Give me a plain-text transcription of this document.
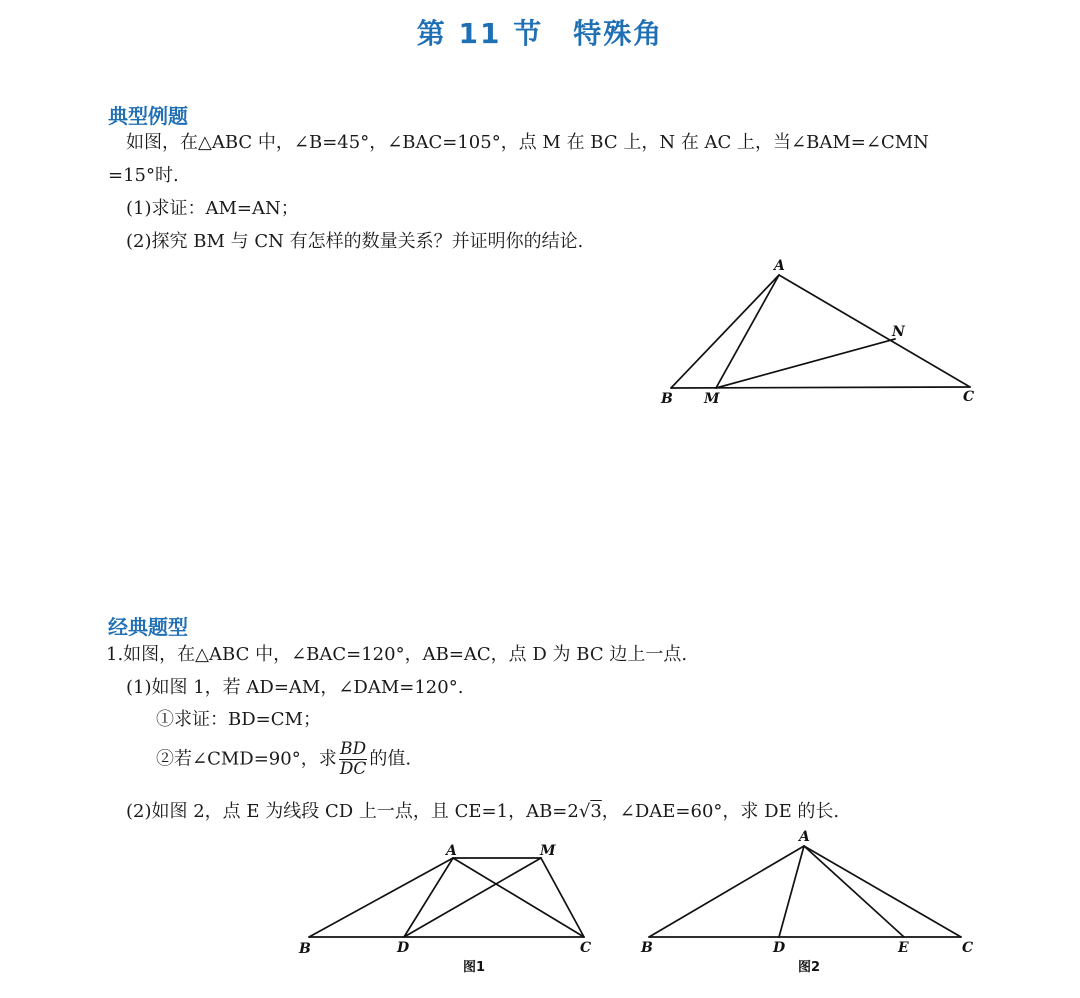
第 11 节　特殊角
典型例题
如图，在△ABC 中，∠B=45°，∠BAC=105°，点 M 在 BC 上，N 在 AC 上，当∠BAM=∠CMN
=15°时.
(1)求证：AM=AN；
(2)探究 BM 与 CN 有怎样的数量关系？并证明你的结论.
A
N
B M	C
经典题型
1.如图，在△ABC 中，∠BAC=120°，AB=AC，点 D 为 BC 边上一点.
(1)如图 1，若 AD=AM，∠DAM=120°.
①求证：BD=CM；
②若∠CMD=90°，求 $\frac{BD}{DC}$ 的值.
(2)如图 2，点 E 为线段 CD 上一点，且 CE=1，AB=2√3，∠DAE=60°，求 DE 的长.
A	M
B	D	C
图1
A
B	D	E	C
图2
